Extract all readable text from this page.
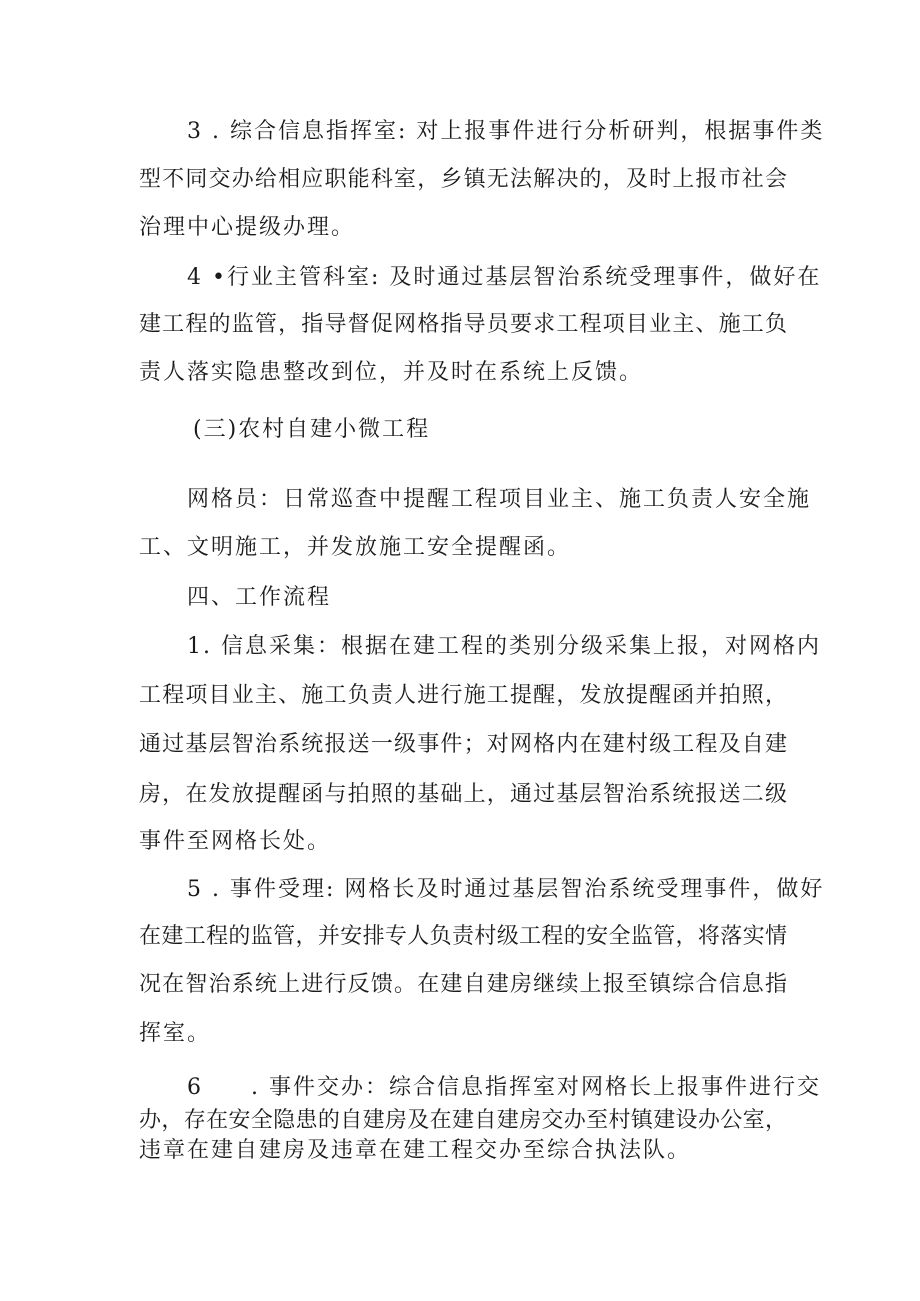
3 . 综合信息指挥室: 对上报事件进行分析研判，根据事件类
型不同交办给相应职能科室，乡镇无法解决的，及时上报市社会
治理中心提级办理。
4 •行业主管科室: 及时通过基层智治系统受理事件，做好在
建工程的监管，指导督促网格指导员要求工程项目业主、施工负
责人落实隐患整改到位，并及时在系统上反馈。
(三)农村自建小微工程
网格员：日常巡查中提醒工程项目业主、施工负责人安全施
工、文明施工，并发放施工安全提醒函。
四、工作流程
1. 信息采集：根据在建工程的类别分级采集上报，对网格内
工程项目业主、施工负责人进行施工提醒，发放提醒函并拍照，
通过基层智治系统报送一级事件；对网格内在建村级工程及自建
房，在发放提醒函与拍照的基础上，通过基层智治系统报送二级
事件至网格长处。
5 . 事件受理: 网格长及时通过基层智治系统受理事件，做好
在建工程的监管，并安排专人负责村级工程的安全监管，将落实情
况在智治系统上进行反馈。在建自建房继续上报至镇综合信息指
挥室。
6　　. 事件交办：综合信息指挥室对网格长上报事件进行交
办，存在安全隐患的自建房及在建自建房交办至村镇建设办公室，
违章在建自建房及违章在建工程交办至综合执法队。
